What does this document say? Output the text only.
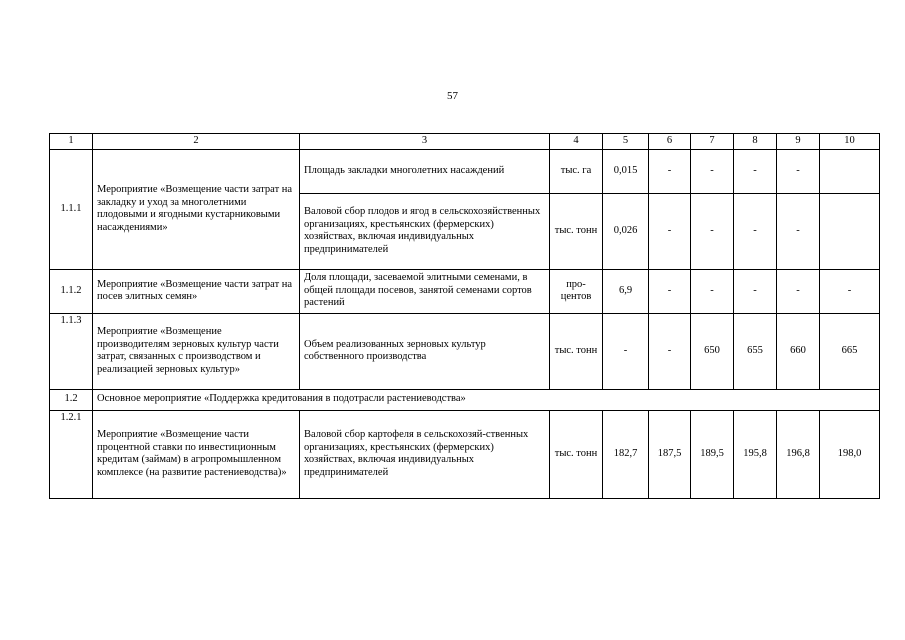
57
1	2	3	4	5	6	7	8	9	10
1.1.1	Мероприятие «Возмещение части затрат на закладку и уход за многолетними плодовыми и ягодными кустарниковыми насаждениями»	Площадь закладки многолетних насаждений	тыс. га	0,015	-	-	-	-	
		Валовой сбор плодов и ягод в сельскохозяйственных организациях, крестьянских (фермерских) хозяйствах, включая индивидуальных предпринимателей	тыс. тонн	0,026	-	-	-	-	
1.1.2	Мероприятие «Возмещение части затрат на посев элитных семян»	Доля площади, засеваемой элитными семенами, в общей площади посевов, занятой семенами сортов растений	про-центов	6,9	-	-	-	-	-
1.1.3	Мероприятие «Возмещение производителям зерновых культур части затрат, связанных с производством и реализацией зерновых культур»	Объем реализованных зерновых культур собственного производства	тыс. тонн	-	-	650	655	660	665
1.2	Основное мероприятие «Поддержка кредитования в подотрасли растениеводства»								
1.2.1	Мероприятие «Возмещение части процентной ставки по инвестиционным кредитам (займам) в агропромышленном комплексе (на развитие растениеводства)»	Валовой сбор картофеля в сельскохозяй-ственных организациях, крестьянских (фермерских) хозяйствах, включая индивидуальных предпринимателей	тыс. тонн	182,7	187,5	189,5	195,8	196,8	198,0
